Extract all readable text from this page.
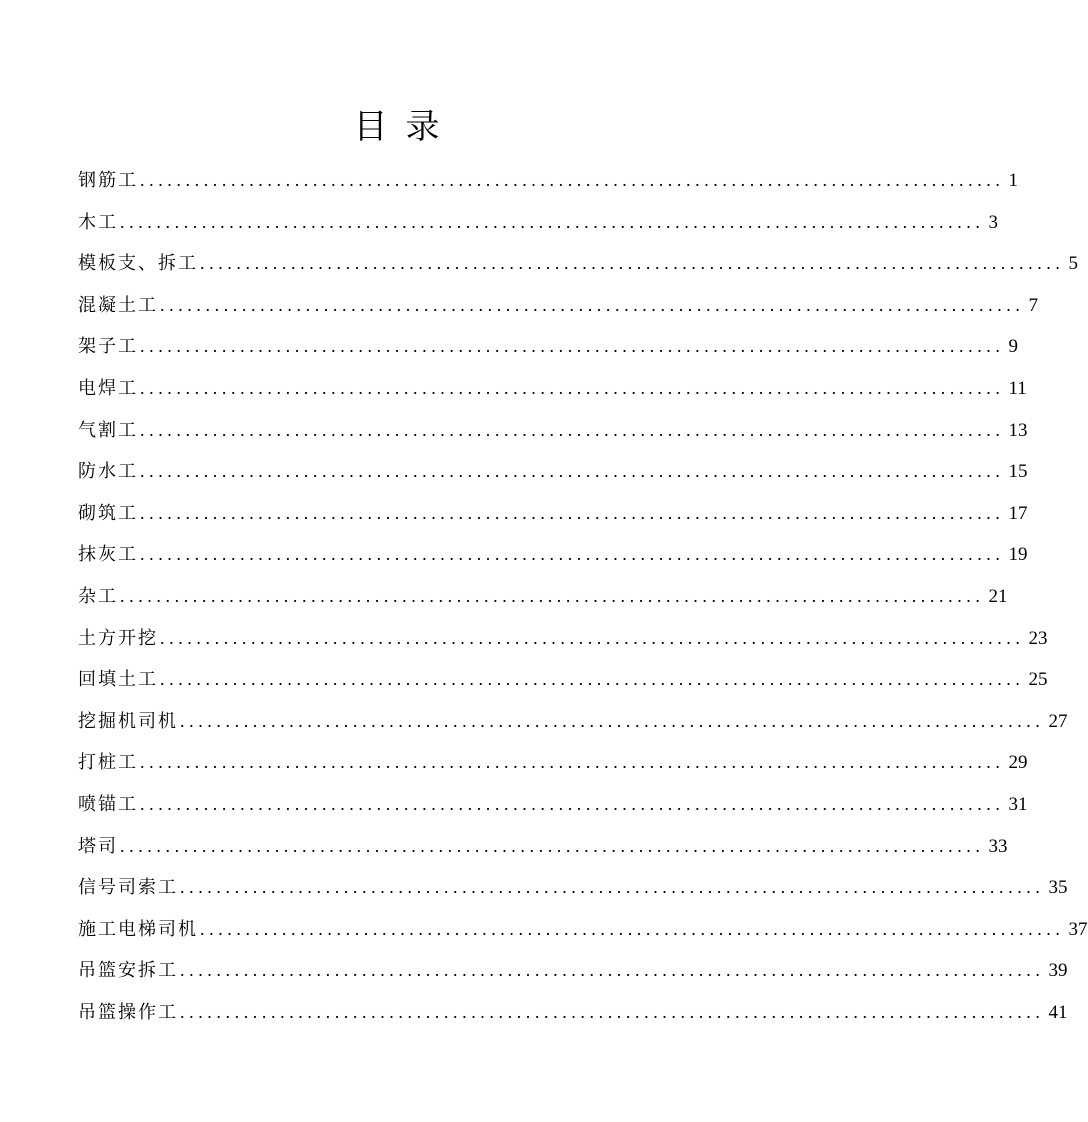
目录
钢筋工 ............................................................................................... 1
木工 ............................................................................................... 3
模板支、拆工 ............................................................................................... 5
混凝土工 ............................................................................................... 7
架子工 ............................................................................................... 9
电焊工 ............................................................................................... 11
气割工 ............................................................................................... 13
防水工 ............................................................................................... 15
砌筑工 ............................................................................................... 17
抹灰工 ............................................................................................... 19
杂工 ............................................................................................... 21
土方开挖 ............................................................................................... 23
回填土工 ............................................................................................... 25
挖掘机司机 ............................................................................................... 27
打桩工 ............................................................................................... 29
喷锚工 ............................................................................................... 31
塔司 ............................................................................................... 33
信号司索工 ............................................................................................... 35
施工电梯司机 ............................................................................................... 37
吊篮安拆工 ............................................................................................... 39
吊篮操作工 ............................................................................................... 41
